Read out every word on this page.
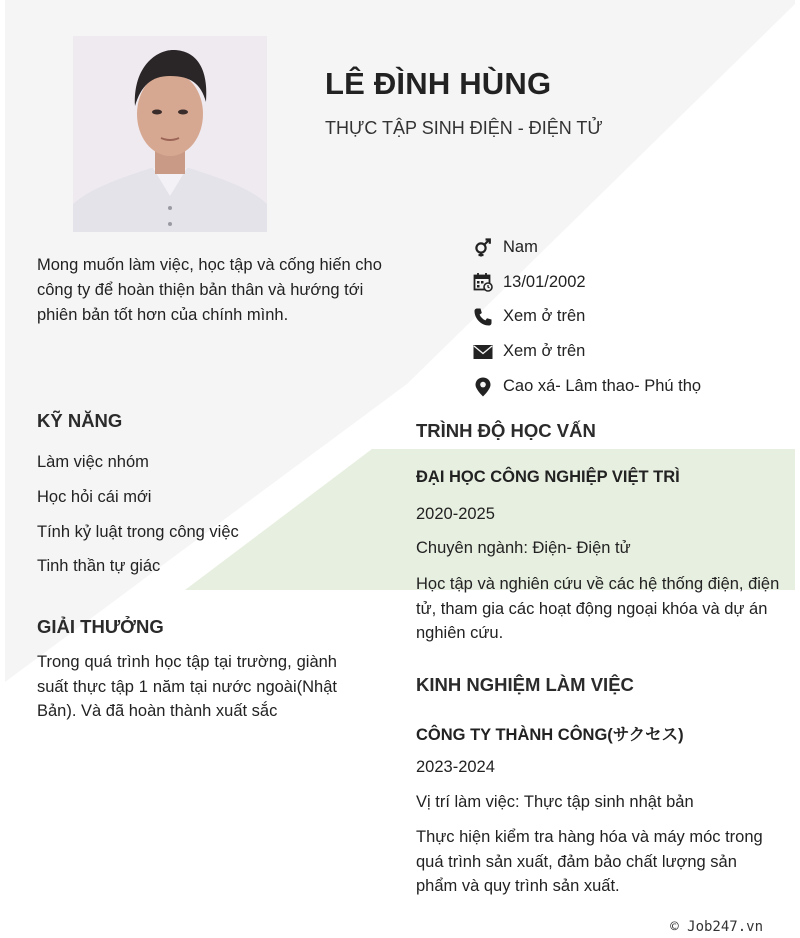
LÊ ĐÌNH HÙNG
THỰC TẬP SINH ĐIỆN - ĐIỆN TỬ
Mong muốn làm việc, học tập và cống hiến cho công ty để hoàn thiện bản thân và hướng tới phiên bản tốt hơn của chính mình.
Nam
13/01/2002
Xem ở trên
Xem ở trên
Cao xá- Lâm thao- Phú thọ
KỸ NĂNG
Làm việc nhóm
Học hỏi cái mới
Tính kỷ luật trong công việc
Tinh thần tự giác
GIẢI THƯỞNG
Trong quá trình học tập tại trường, giành suất thực tập 1 năm tại nước ngoài(Nhật Bản). Và đã hoàn thành xuất sắc
TRÌNH ĐỘ HỌC VẤN
ĐẠI HỌC CÔNG NGHIỆP VIỆT TRÌ
2020-2025
Chuyên ngành: Điện- Điện tử
Học tập và nghiên cứu về các hệ thống điện, điện tử, tham gia các hoạt động ngoại khóa và dự án nghiên cứu.
KINH NGHIỆM LÀM VIỆC
CÔNG TY THÀNH CÔNG(サクセス)
2023-2024
Vị trí làm việc: Thực tập sinh nhật bản
Thực hiện kiểm tra hàng hóa và máy móc trong quá trình sản xuất, đảm bảo chất lượng sản phẩm và quy trình sản xuất.
© Job247.vn
